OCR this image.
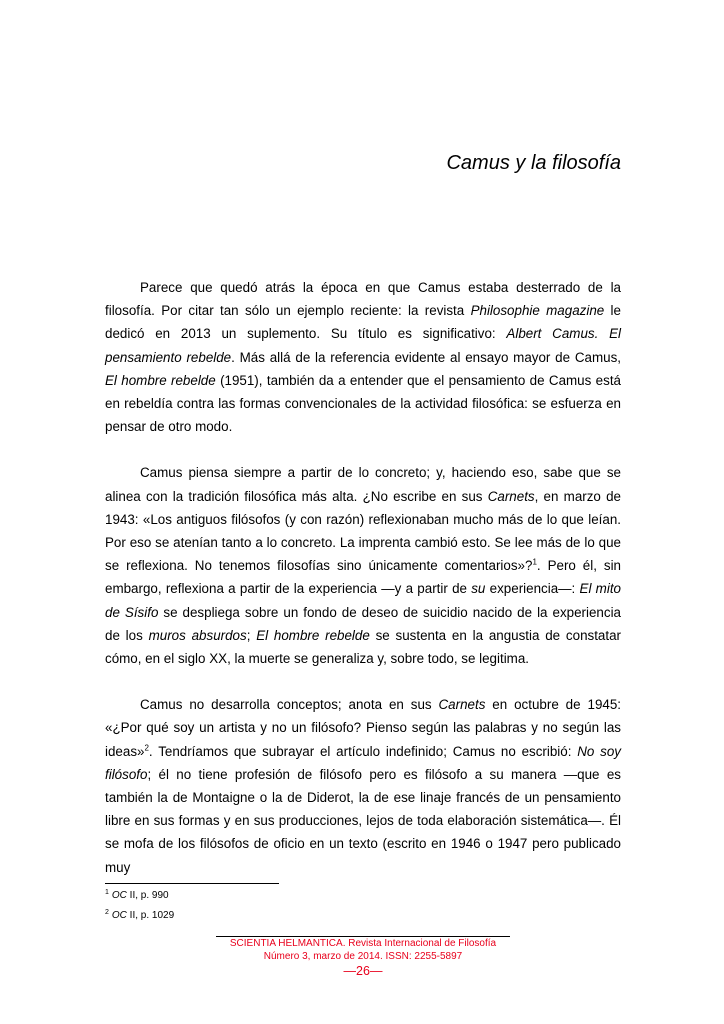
Camus y la filosofía

Parece que quedó atrás la época en que Camus estaba desterrado de la filosofía. Por citar tan sólo un ejemplo reciente: la revista Philosophie magazine le dedicó en 2013 un suplemento. Su título es significativo: Albert Camus. El pensamiento rebelde. Más allá de la referencia evidente al ensayo mayor de Camus, El hombre rebelde (1951), también da a entender que el pensamiento de Camus está en rebeldía contra las formas convencionales de la actividad filosófica: se esfuerza en pensar de otro modo.

Camus piensa siempre a partir de lo concreto; y, haciendo eso, sabe que se alinea con la tradición filosófica más alta. ¿No escribe en sus Carnets, en marzo de 1943: «Los antiguos filósofos (y con razón) reflexionaban mucho más de lo que leían. Por eso se atenían tanto a lo concreto. La imprenta cambió esto. Se lee más de lo que se reflexiona. No tenemos filosofías sino únicamente comentarios»?$^1$. Pero él, sin embargo, reflexiona a partir de la experiencia —y a partir de su experiencia—: El mito de Sísifo se despliega sobre un fondo de deseo de suicidio nacido de la experiencia de los muros absurdos; El hombre rebelde se sustenta en la angustia de constatar cómo, en el siglo XX, la muerte se generaliza y, sobre todo, se legitima.

Camus no desarrolla conceptos; anota en sus Carnets en octubre de 1945: «¿Por qué soy un artista y no un filósofo? Pienso según las palabras y no según las ideas»$^2$. Tendríamos que subrayar el artículo indefinido; Camus no escribió: No soy filósofo; él no tiene profesión de filósofo pero es filósofo a su manera —que es también la de Montaigne o la de Diderot, la de ese linaje francés de un pensamiento libre en sus formas y en sus producciones, lejos de toda elaboración sistemática—. Él se mofa de los filósofos de oficio en un texto (escrito en 1946 o 1947 pero publicado muy

$^1$ OC II, p. 990
$^2$ OC II, p. 1029
SCIENTIA HELMANTICA. Revista Internacional de Filosofía
Número 3, marzo de 2014. ISSN: 2255-5897
—26—
